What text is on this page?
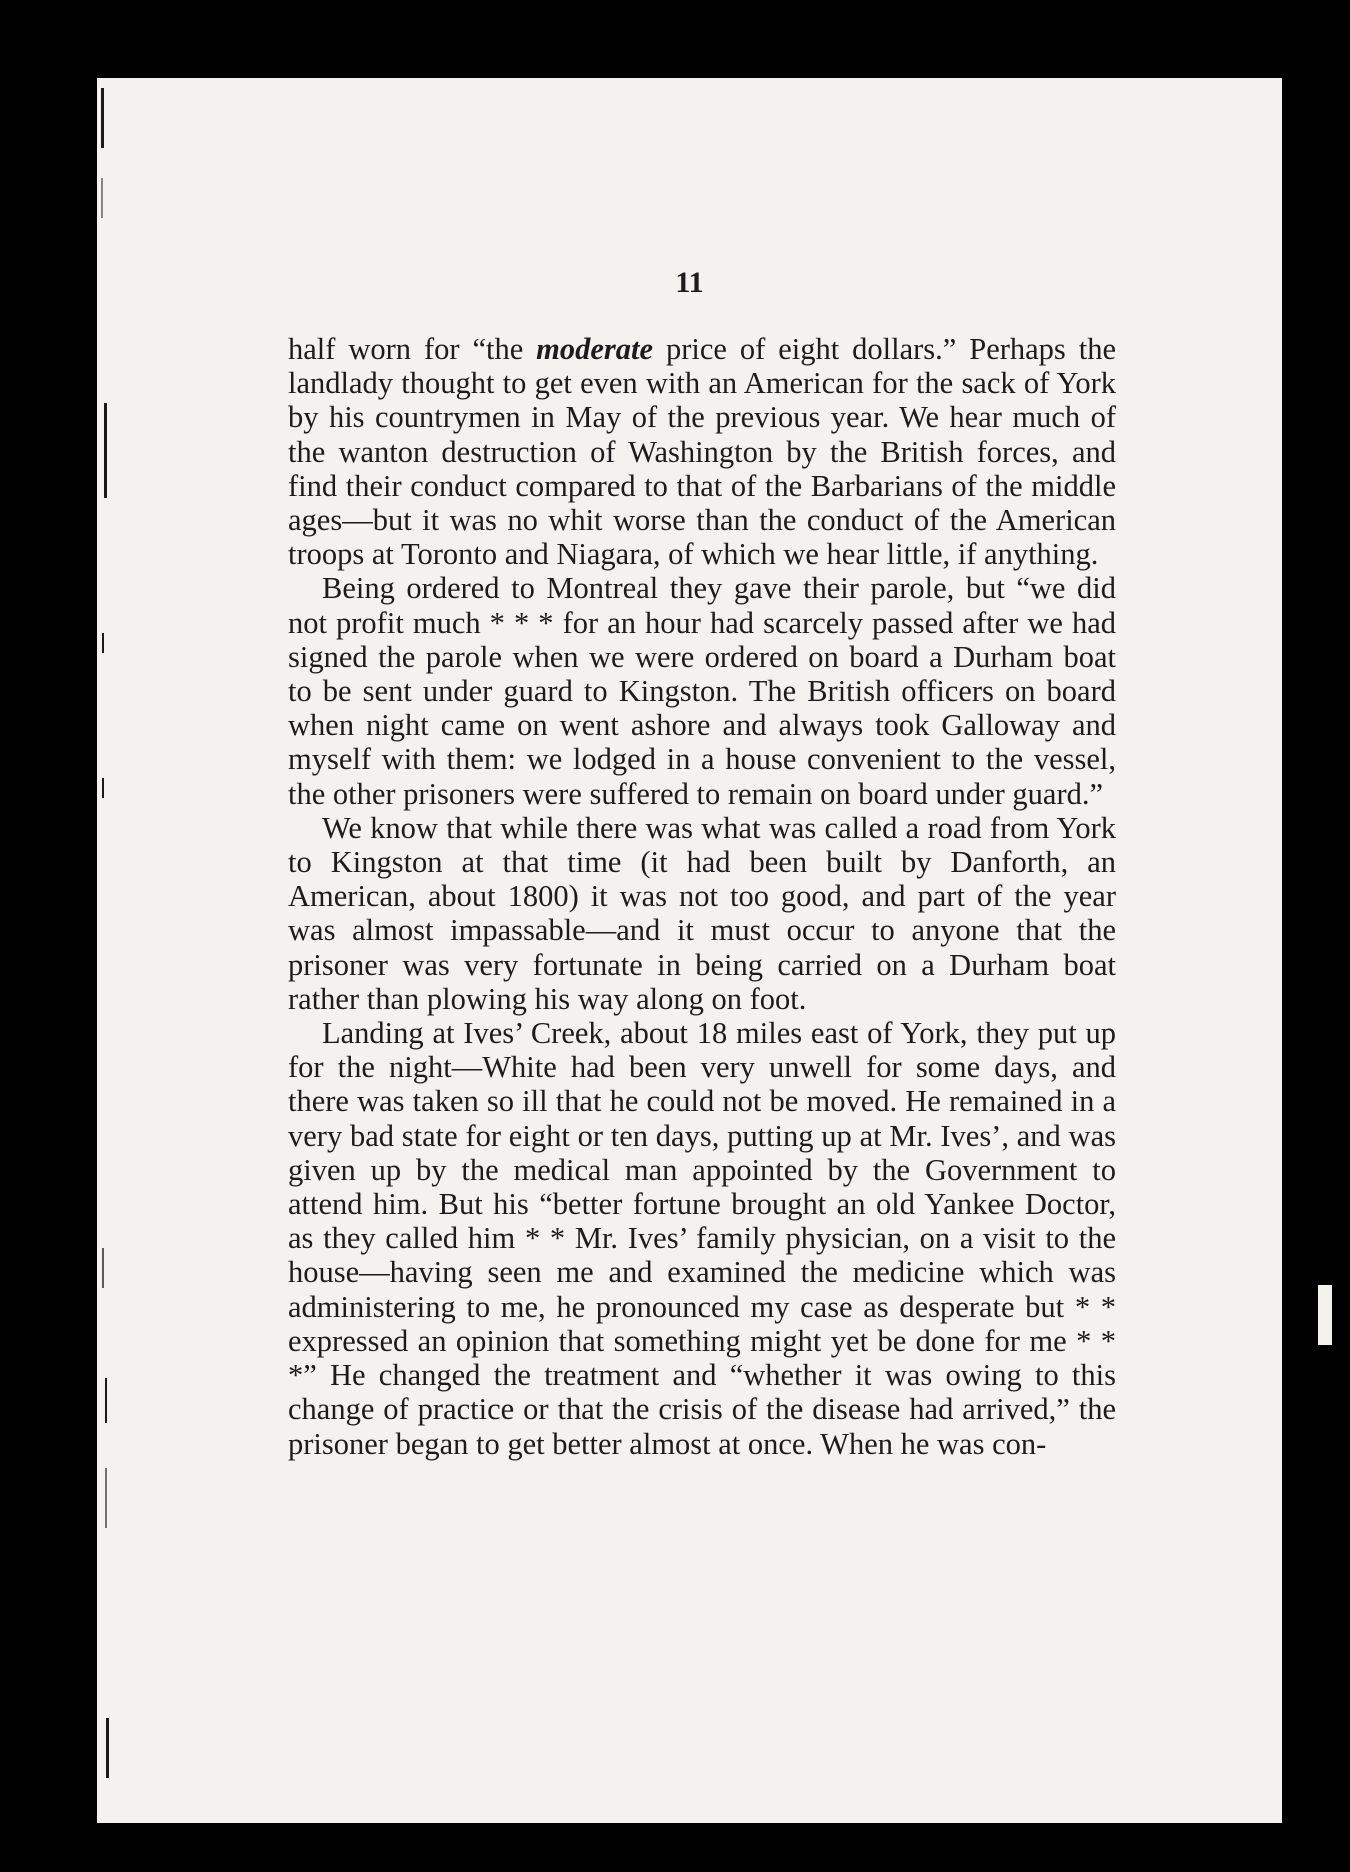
11

half worn for “the moderate price of eight dollars.” Perhaps the landlady thought to get even with an American for the sack of York by his countrymen in May of the previous year. We hear much of the wanton destruction of Washington by the British forces, and find their conduct compared to that of the Barbarians of the middle ages—but it was no whit worse than the conduct of the American troops at Toronto and Niagara, of which we hear little, if anything.

Being ordered to Montreal they gave their parole, but “we did not profit much * * * for an hour had scarcely passed after we had signed the parole when we were ordered on board a Durham boat to be sent under guard to Kingston. The British officers on board when night came on went ashore and always took Galloway and myself with them: we lodged in a house convenient to the vessel, the other prisoners were suffered to remain on board under guard.”

We know that while there was what was called a road from York to Kingston at that time (it had been built by Danforth, an American, about 1800) it was not too good, and part of the year was almost impassable—and it must occur to anyone that the prisoner was very fortunate in being carried on a Durham boat rather than plowing his way along on foot.

Landing at Ives’ Creek, about 18 miles east of York, they put up for the night—White had been very unwell for some days, and there was taken so ill that he could not be moved. He remained in a very bad state for eight or ten days, putting up at Mr. Ives’, and was given up by the medical man appointed by the Government to attend him. But his “better fortune brought an old Yankee Doctor, as they called him * * Mr. Ives’ family physician, on a visit to the house—having seen me and examined the medicine which was administering to me, he pronounced my case as desperate but * * expressed an opinion that something might yet be done for me * * *” He changed the treatment and “whether it was owing to this change of practice or that the crisis of the disease had arrived,” the prisoner began to get better almost at once. When he was con-
